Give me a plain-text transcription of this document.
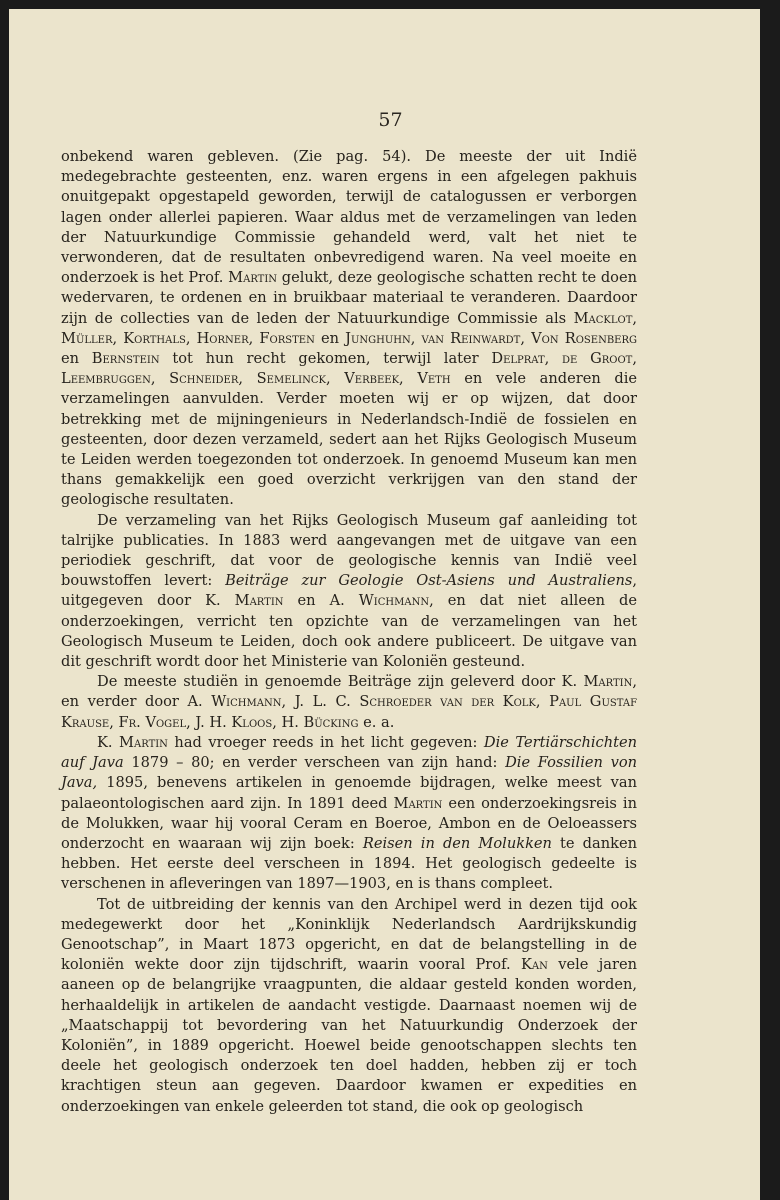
57

onbekend waren gebleven. (Zie pag. 54). De meeste der uit Indië medegebrachte gesteenten, enz. waren ergens in een afgelegen pakhuis onuitgepakt opgestapeld geworden, terwijl de catalogussen er verborgen lagen onder allerlei papieren. Waar aldus met de verzamelingen van leden der Natuurkundige Commissie gehandeld werd, valt het niet te verwonderen, dat de resultaten onbevredigend waren. Na veel moeite en onderzoek is het Prof. Martin gelukt, deze geologische schatten recht te doen wedervaren, te ordenen en in bruikbaar materiaal te veranderen. Daardoor zijn de collecties van de leden der Natuurkundige Commissie als Macklot, Müller, Korthals, Horner, Forsten en Junghuhn, van Reinwardt, Von Rosenberg en Bernstein tot hun recht gekomen, terwijl later Delprat, de Groot, Leembruggen, Schneider, Semelinck, Verbeek, Veth en vele anderen die verzamelingen aanvulden. Verder moeten wij er op wijzen, dat door betrekking met de mijningenieurs in Nederlandsch-Indië de fossielen en gesteenten, door dezen verzameld, sedert aan het Rijks Geologisch Museum te Leiden werden toegezonden tot onderzoek. In genoemd Museum kan men thans gemakkelijk een goed overzicht verkrijgen van den stand der geologische resultaten.

De verzameling van het Rijks Geologisch Museum gaf aanleiding tot talrijke publicaties. In 1883 werd aangevangen met de uitgave van een periodiek geschrift, dat voor de geologische kennis van Indië veel bouwstoffen levert: Beiträge zur Geologie Ost-Asiens und Australiens, uitgegeven door K. Martin en A. Wichmann, en dat niet alleen de onderzoekingen, verricht ten opzichte van de verzamelingen van het Geologisch Museum te Leiden, doch ook andere publiceert. De uitgave van dit geschrift wordt door het Ministerie van Koloniën gesteund.

De meeste studiën in genoemde Beiträge zijn geleverd door K. Martin, en verder door A. Wichmann, J. L. C. Schroeder van der Kolk, Paul Gustaf Krause, Fr. Vogel, J. H. Kloos, H. Bücking e. a.

K. Martin had vroeger reeds in het licht gegeven: Die Tertiärschichten auf Java 1879 – 80; en verder verscheen van zijn hand: Die Fossilien von Java, 1895, benevens artikelen in genoemde bijdragen, welke meest van palaeontologischen aard zijn. In 1891 deed Martin een onderzoekingsreis in de Molukken, waar hij vooral Ceram en Boeroe, Ambon en de Oeloeassers onderzocht en waaraan wij zijn boek: Reisen in den Molukken te danken hebben. Het eerste deel verscheen in 1894. Het geologisch gedeelte is verschenen in afleveringen van 1897—1903, en is thans compleet.

Tot de uitbreiding der kennis van den Archipel werd in dezen tijd ook medegewerkt door het „Koninklijk Nederlandsch Aardrijkskundig Genootschap”, in Maart 1873 opgericht, en dat de belangstelling in de koloniën wekte door zijn tijdschrift, waarin vooral Prof. Kan vele jaren aaneen op de belangrijke vraagpunten, die aldaar gesteld konden worden, herhaaldelijk in artikelen de aandacht vestigde. Daarnaast noemen wij de „Maatschappij tot bevordering van het Natuurkundig Onderzoek der Koloniën”, in 1889 opgericht. Hoewel beide genootschappen slechts ten deele het geologisch onderzoek ten doel hadden, hebben zij er toch krachtigen steun aan gegeven. Daardoor kwamen er expedities en onderzoekingen van enkele geleerden tot stand, die ook op geologisch
